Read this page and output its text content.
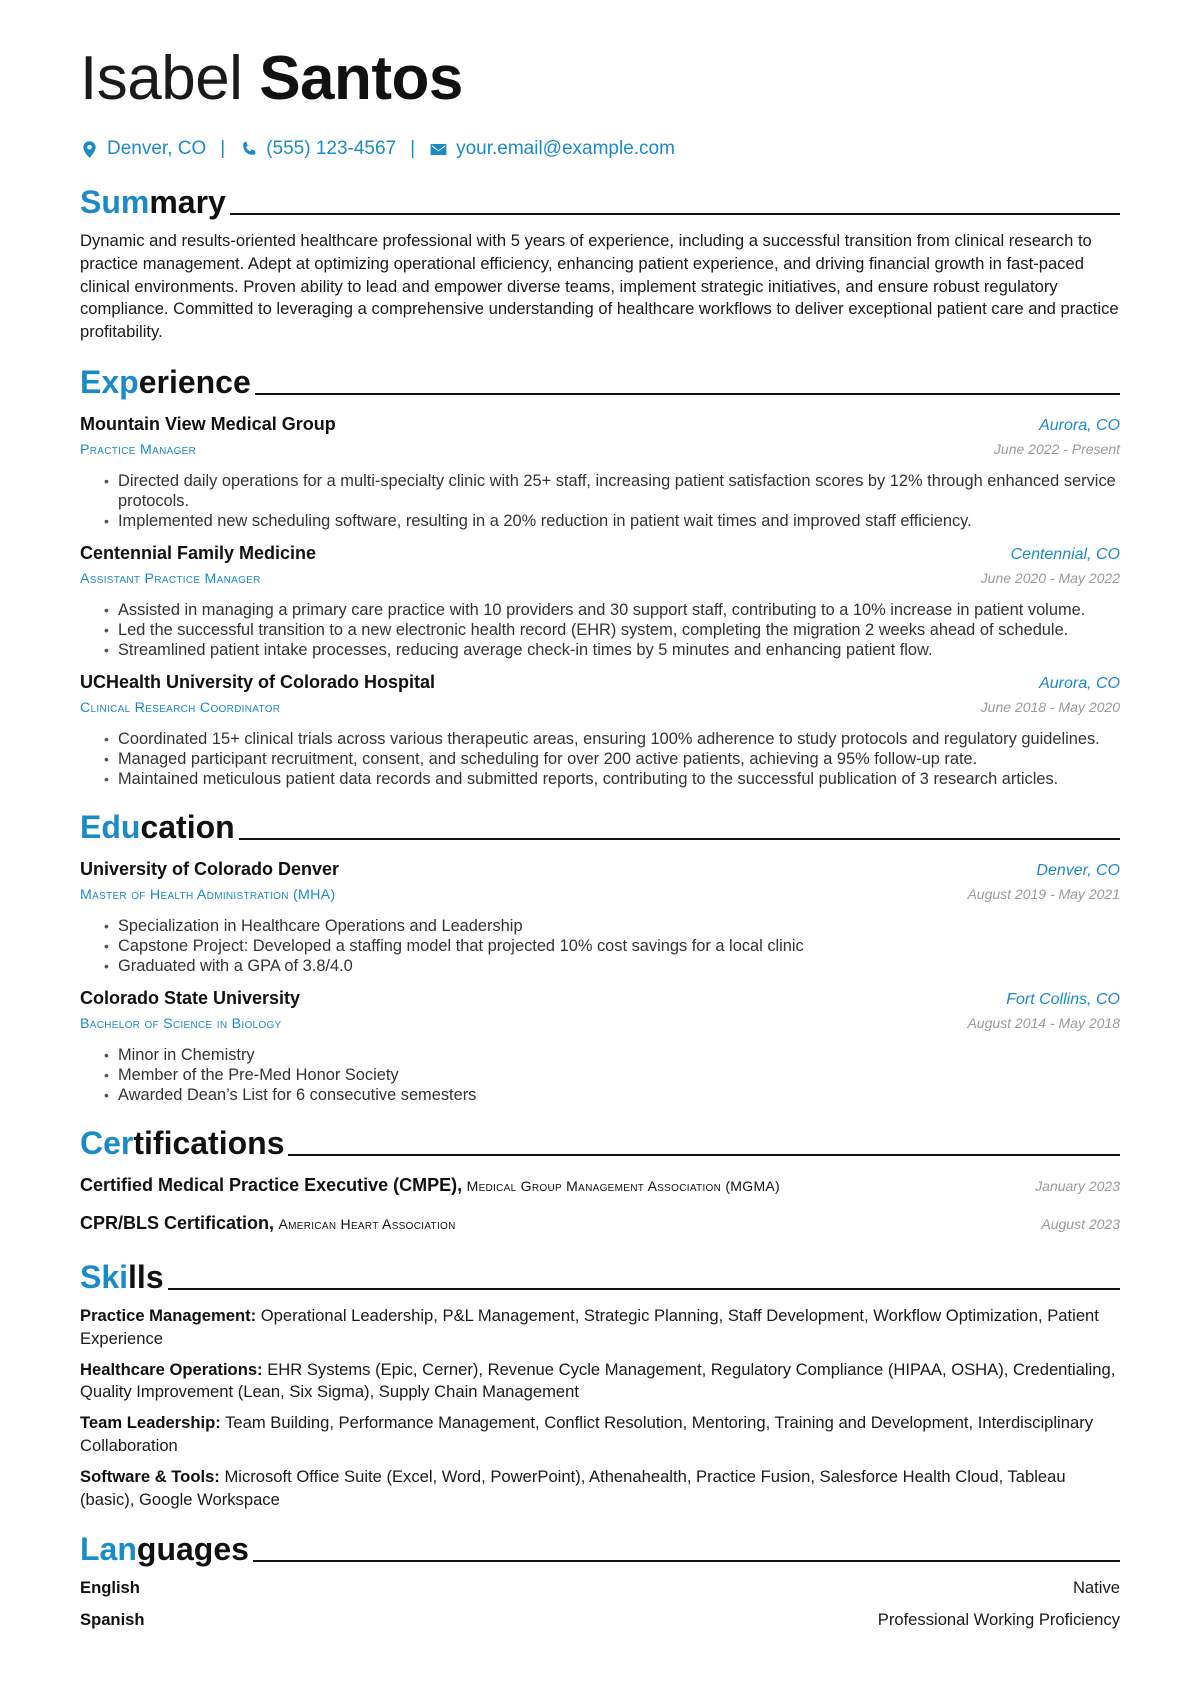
Isabel Santos
Denver, CO | (555) 123-4567 | your.email@example.com
Summary
Dynamic and results-oriented healthcare professional with 5 years of experience, including a successful transition from clinical research to practice management. Adept at optimizing operational efficiency, enhancing patient experience, and driving financial growth in fast-paced clinical environments. Proven ability to lead and empower diverse teams, implement strategic initiatives, and ensure robust regulatory compliance. Committed to leveraging a comprehensive understanding of healthcare workflows to deliver exceptional patient care and practice profitability.
Experience
Mountain View Medical Group	Aurora, CO
Practice Manager	June 2022 - Present
• Directed daily operations for a multi-specialty clinic with 25+ staff, increasing patient satisfaction scores by 12% through enhanced service protocols.
• Implemented new scheduling software, resulting in a 20% reduction in patient wait times and improved staff efficiency.
Centennial Family Medicine	Centennial, CO
Assistant Practice Manager	June 2020 - May 2022
• Assisted in managing a primary care practice with 10 providers and 30 support staff, contributing to a 10% increase in patient volume.
• Led the successful transition to a new electronic health record (EHR) system, completing the migration 2 weeks ahead of schedule.
• Streamlined patient intake processes, reducing average check-in times by 5 minutes and enhancing patient flow.
UCHealth University of Colorado Hospital	Aurora, CO
Clinical Research Coordinator	June 2018 - May 2020
• Coordinated 15+ clinical trials across various therapeutic areas, ensuring 100% adherence to study protocols and regulatory guidelines.
• Managed participant recruitment, consent, and scheduling for over 200 active patients, achieving a 95% follow-up rate.
• Maintained meticulous patient data records and submitted reports, contributing to the successful publication of 3 research articles.
Education
University of Colorado Denver	Denver, CO
Master of Health Administration (MHA)	August 2019 - May 2021
• Specialization in Healthcare Operations and Leadership
• Capstone Project: Developed a staffing model that projected 10% cost savings for a local clinic
• Graduated with a GPA of 3.8/4.0
Colorado State University	Fort Collins, CO
Bachelor of Science in Biology	August 2014 - May 2018
• Minor in Chemistry
• Member of the Pre-Med Honor Society
• Awarded Dean’s List for 6 consecutive semesters
Certifications
Certified Medical Practice Executive (CMPE), Medical Group Management Association (MGMA)	January 2023
CPR/BLS Certification, American Heart Association	August 2023
Skills
Practice Management: Operational Leadership, P&L Management, Strategic Planning, Staff Development, Workflow Optimization, Patient Experience
Healthcare Operations: EHR Systems (Epic, Cerner), Revenue Cycle Management, Regulatory Compliance (HIPAA, OSHA), Credentialing, Quality Improvement (Lean, Six Sigma), Supply Chain Management
Team Leadership: Team Building, Performance Management, Conflict Resolution, Mentoring, Training and Development, Interdisciplinary Collaboration
Software & Tools: Microsoft Office Suite (Excel, Word, PowerPoint), Athenahealth, Practice Fusion, Salesforce Health Cloud, Tableau (basic), Google Workspace
Languages
English	Native
Spanish	Professional Working Proficiency
